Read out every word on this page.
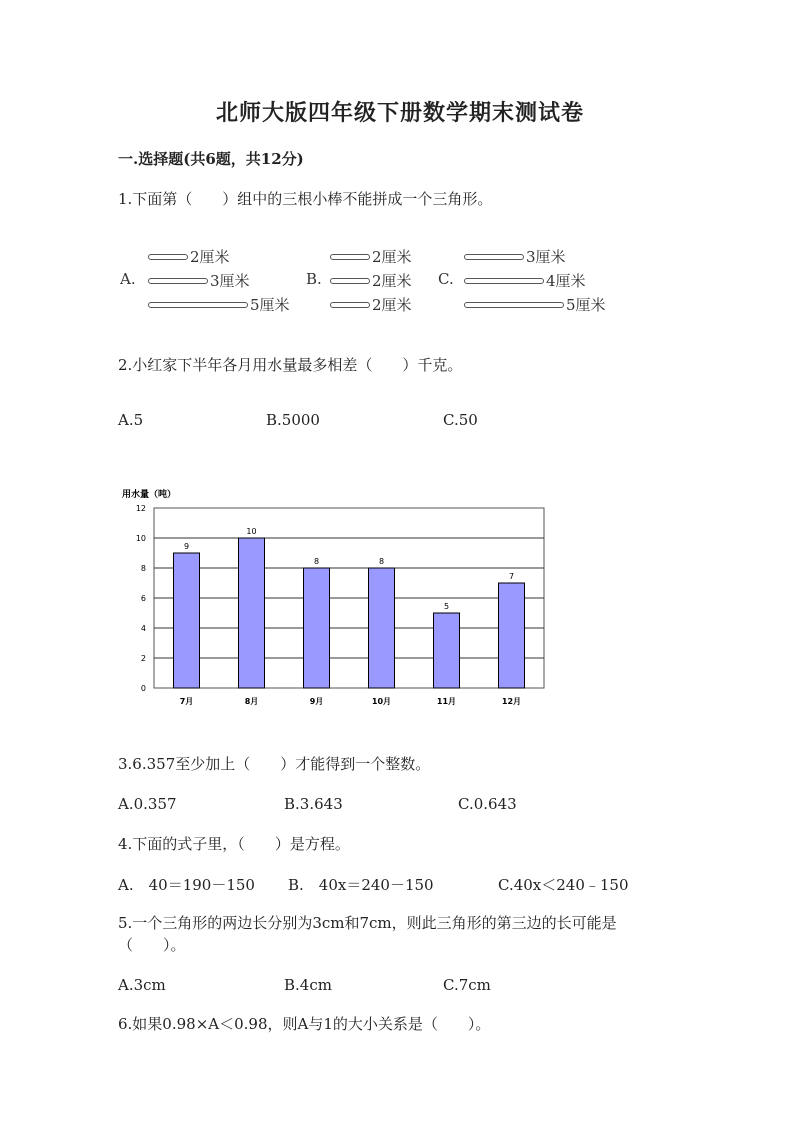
北师大版四年级下册数学期末测试卷
一.选择题(共6题，共12分)
1.下面第（　　）组中的三根小棒不能拼成一个三角形。
A.
2厘米
3厘米
5厘米
B.
2厘米
2厘米
2厘米
C.
3厘米
4厘米
5厘米
2.小红家下半年各月用水量最多相差（　　）千克。
A.5	B.5000	C.50
用水量（吨）
0
2
4
6
8
10
12
9
7月
10
8月
8
9月
8
10月
5
11月
7
12月
3.6.357至少加上（　　）才能得到一个整数。
A.0.357	B.3.643	C.0.643
4.下面的式子里，（　　）是方程。
A.　40＝190－150 B.　40x＝240－150	C.40x＜240﹣150
5.一个三角形的两边长分别为3cm和7cm，则此三角形的第三边的长可能是
（　　）。
A.3cm	B.4cm	C.7cm
6.如果0.98×A＜0.98，则A与1的大小关系是（　　）。
